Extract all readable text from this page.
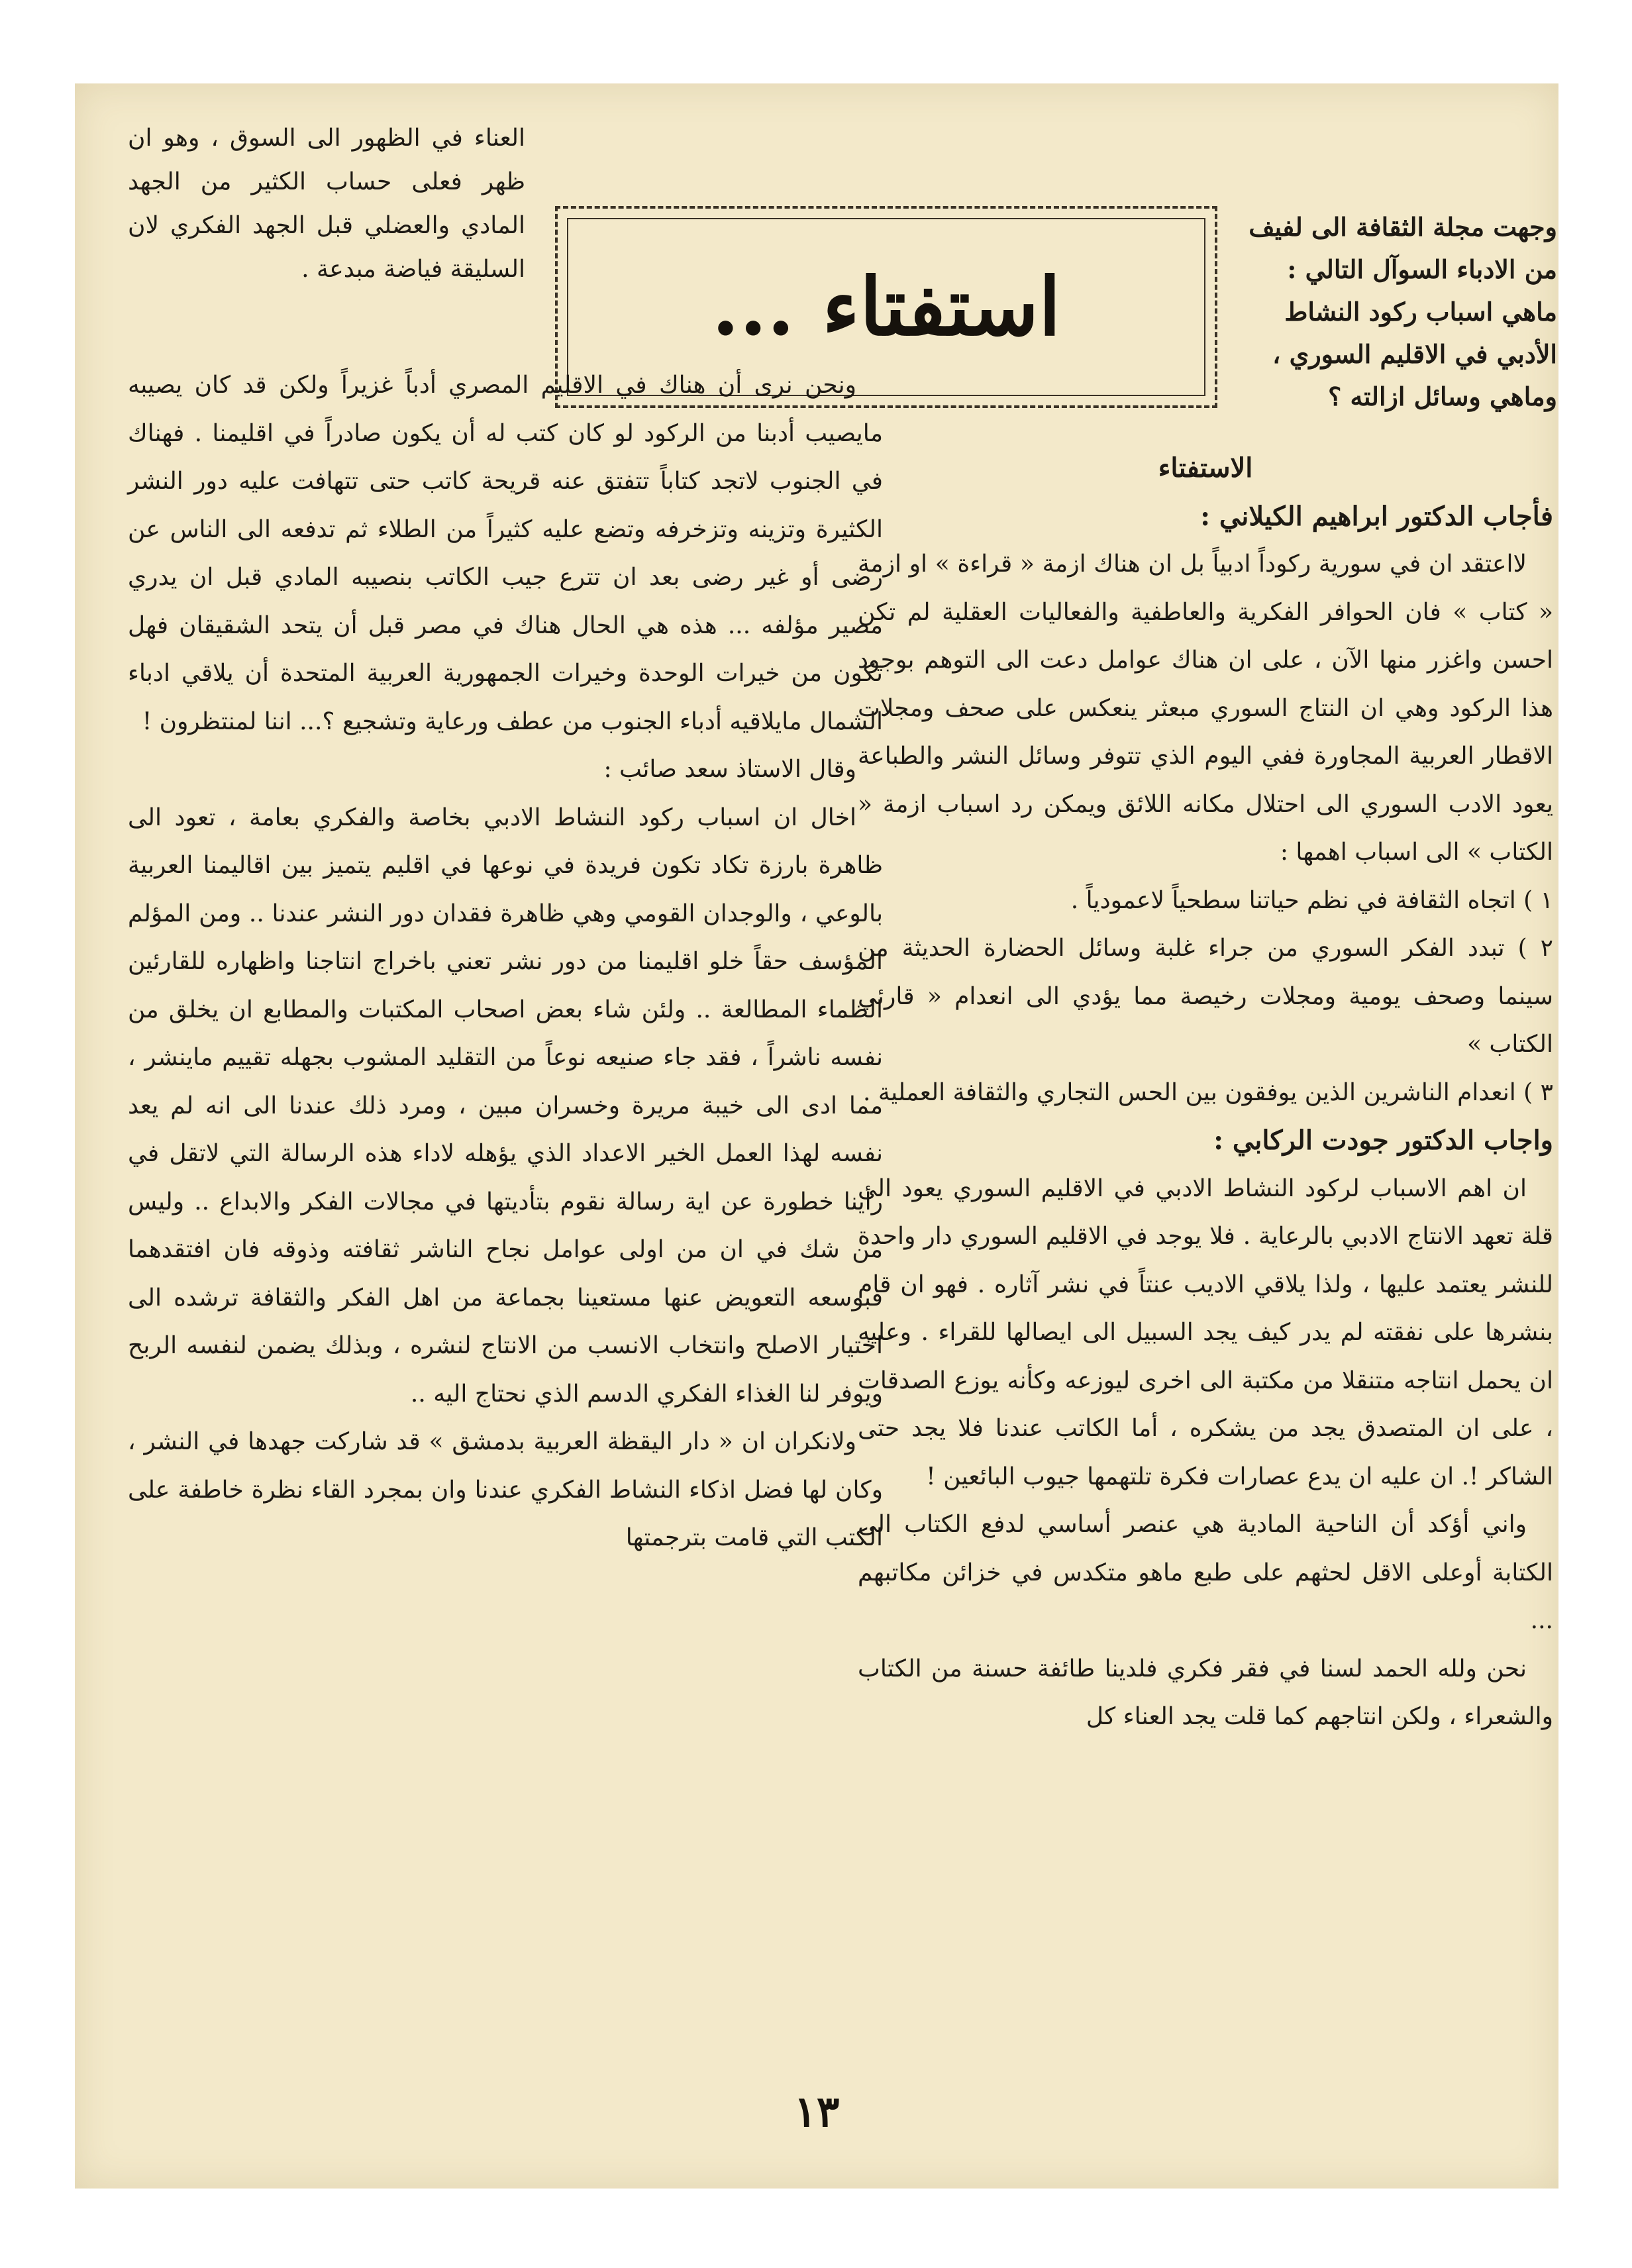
وجهت مجلة الثقافة الى لفيف

من الادباء السوآل التالي :

ماهي اسباب ركود النشاط

الأدبي في الاقليم السوري ،

وماهي وسائل ازالته ؟

استفتاء ...
الاستفتاء
فأجاب الدكتور ابراهيم الكيلاني :

لااعتقد ان في سورية ركوداً ادبياً بل ان هناك ازمة « قراءة » او ازمة « كتاب » فان الحوافر الفكرية والعاطفية والفعاليات العقلية لم تكن احسن واغزر منها الآن ، على ان هناك عوامل دعت الى التوهم بوجود هذا الركود وهي ان النتاج السوري مبعثر ينعكس على صحف ومجلات الاقطار العربية المجاورة ففي اليوم الذي تتوفر وسائل النشر والطباعة يعود الادب السوري الى احتلال مكانه اللائق ويمكن رد اسباب ازمة « الكتاب » الى اسباب اهمها :

١ ) اتجاه الثقافة في نظم حياتنا سطحياً لاعمودياً .
٢ ) تبدد الفكر السوري من جراء غلبة وسائل الحضارة الحديثة من سينما وصحف يومية ومجلات رخيصة مما يؤدي الى انعدام « قارئي الكتاب »
٣ ) انعدام الناشرين الذين يوفقون بين الحس التجاري والثقافة العملية .
واجاب الدكتور جودت الركابي :

ان اهم الاسباب لركود النشاط الادبي في الاقليم السوري يعود الى قلة تعهد الانتاج الادبي بالرعاية . فلا يوجد في الاقليم السوري دار واحدة للنشر يعتمد عليها ، ولذا يلاقي الاديب عنتاً في نشر آثاره . فهو ان قام بنشرها على نفقته لم يدر كيف يجد السبيل الى ايصالها للقراء . وعليه ان يحمل انتاجه متنقلا من مكتبة الى اخرى ليوزعه وكأنه يوزع الصدقات ، على ان المتصدق يجد من يشكره ، أما الكاتب عندنا فلا يجد حتى الشاكر !. ان عليه ان يدع عصارات فكرة تلتهمها جيوب البائعين !

واني أؤكد أن الناحية المادية هي عنصر أساسي لدفع الكتاب الى الكتابة أوعلى الاقل لحثهم على طبع ماهو متكدس في خزائن مكاتبهم ...

نحن ولله الحمد لسنا في فقر فكري فلدينا طائفة حسنة من الكتاب والشعراء ، ولكن انتاجهم كما قلت يجد العناء كل

العناء في الظهور الى السوق ، وهو ان ظهر فعلى حساب الكثير من الجهد المادي والعضلي قبل الجهد الفكري لان السليقة فياضة مبدعة .

ونحن نرى أن هناك في الاقليم المصري أدباً غزيراً ولكن قد كان يصيبه مايصيب أدبنا من الركود لو كان كتب له أن يكون صادراً في اقليمنا . فهناك في الجنوب لاتجد كتاباً تتفتق عنه قريحة كاتب حتى تتهافت عليه دور النشر الكثيرة وتزينه وتزخرفه وتضع عليه كثيراً من الطلاء ثم تدفعه الى الناس عن رضى أو غير رضى بعد ان تترع جيب الكاتب بنصيبه المادي قبل ان يدري مصير مؤلفه ... هذه هي الحال هناك في مصر قبل أن يتحد الشقيقان فهل تكون من خيرات الوحدة وخيرات الجمهورية العربية المتحدة أن يلاقي ادباء الشمال مايلاقيه أدباء الجنوب من عطف ورعاية وتشجيع ؟... اننا لمنتظرون !

وقال الاستاذ سعد صائب :

اخال ان اسباب ركود النشاط الادبي بخاصة والفكري بعامة ، تعود الى ظاهرة بارزة تكاد تكون فريدة في نوعها في اقليم يتميز بين اقاليمنا العربية بالوعي ، والوجدان القومي وهي ظاهرة فقدان دور النشر عندنا .. ومن المؤلم المؤسف حقاً خلو اقليمنا من دور نشر تعني باخراج انتاجنا واظهاره للقارئين الظماء المطالعة .. ولئن شاء بعض اصحاب المكتبات والمطابع ان يخلق من نفسه ناشراً ، فقد جاء صنيعه نوعاً من التقليد المشوب بجهله تقييم ماينشر ، مما ادى الى خيبة مريرة وخسران مبين ، ومرد ذلك عندنا الى انه لم يعد نفسه لهذا العمل الخير الاعداد الذي يؤهله لاداء هذه الرسالة التي لاتقل في رأينا خطورة عن اية رسالة نقوم بتأديتها في مجالات الفكر والابداع .. وليس من شك في ان من اولى عوامل نجاح الناشر ثقافته وذوقه فان افتقدهما فبوسعه التعويض عنها مستعينا بجماعة من اهل الفكر والثقافة ترشده الى اختيار الاصلح وانتخاب الانسب من الانتاج لنشره ، وبذلك يضمن لنفسه الربح ويوفر لنا الغذاء الفكري الدسم الذي نحتاج اليه ..

ولانكران ان « دار اليقظة العربية بدمشق » قد شاركت جهدها في النشر ، وكان لها فضل اذكاء النشاط الفكري عندنا وان بمجرد القاء نظرة خاطفة على الكتب التي قامت بترجمتها

١٣
